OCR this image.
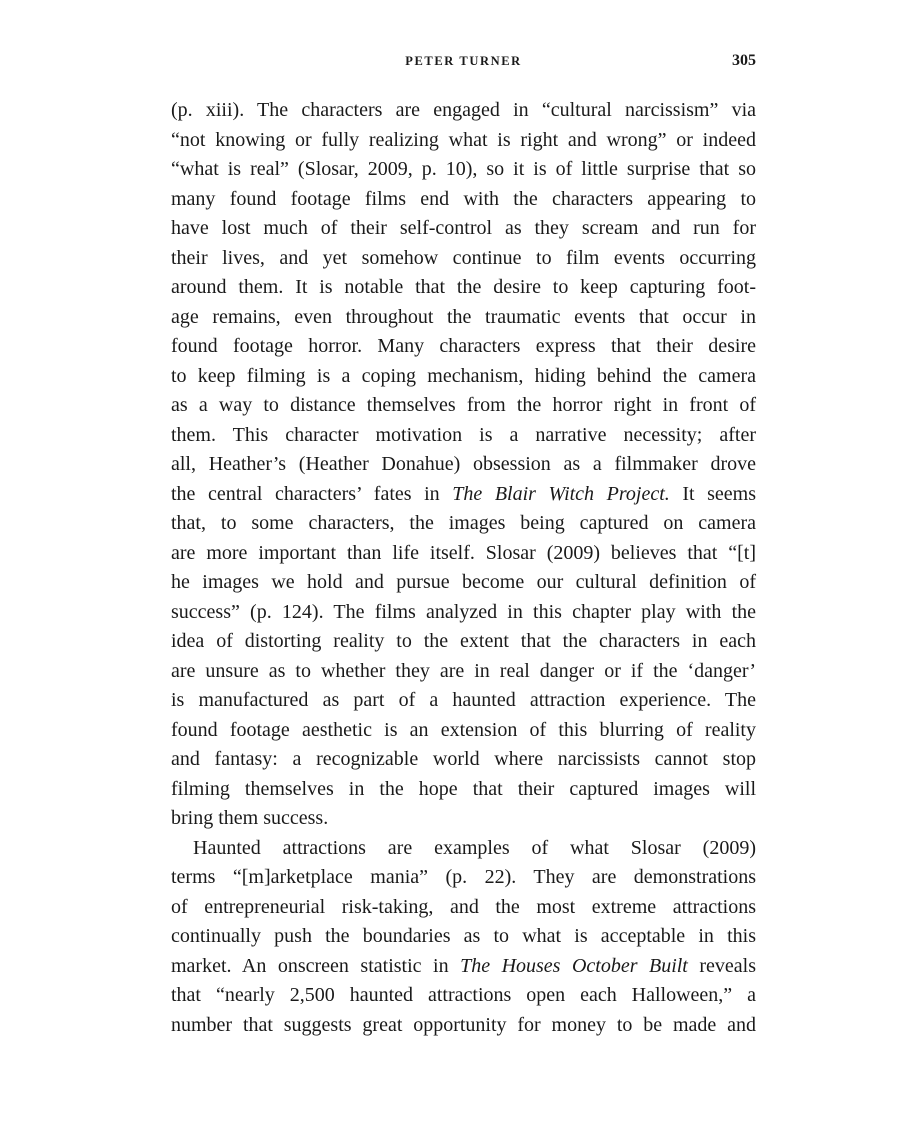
PETER TURNER	305

(p. xiii). The characters are engaged in “cultural narcissism” via

“not knowing or fully realizing what is right and wrong” or indeed

“what is real” (Slosar, 2009, p. 10), so it is of little surprise that so

many found footage films end with the characters appearing to

have lost much of their self-control as they scream and run for

their lives, and yet somehow continue to film events occurring

around them. It is notable that the desire to keep capturing foot-

age remains, even throughout the traumatic events that occur in

found footage horror. Many characters express that their desire

to keep filming is a coping mechanism, hiding behind the camera

as a way to distance themselves from the horror right in front of

them. This character motivation is a narrative necessity; after

all, Heather’s (Heather Donahue) obsession as a filmmaker drove

the central characters’ fates in The Blair Witch Project. It seems

that, to some characters, the images being captured on camera

are more important than life itself. Slosar (2009) believes that “[t]

he images we hold and pursue become our cultural definition of

success” (p. 124). The films analyzed in this chapter play with the

idea of distorting reality to the extent that the characters in each

are unsure as to whether they are in real danger or if the ‘danger’

is manufactured as part of a haunted attraction experience. The

found footage aesthetic is an extension of this blurring of reality

and fantasy: a recognizable world where narcissists cannot stop

filming themselves in the hope that their captured images will

bring them success.

Haunted attractions are examples of what Slosar (2009)

terms “[m]arketplace mania” (p. 22). They are demonstrations

of entrepreneurial risk-taking, and the most extreme attractions

continually push the boundaries as to what is acceptable in this

market. An onscreen statistic in The Houses October Built reveals

that “nearly 2,500 haunted attractions open each Halloween,” a

number that suggests great opportunity for money to be made and
